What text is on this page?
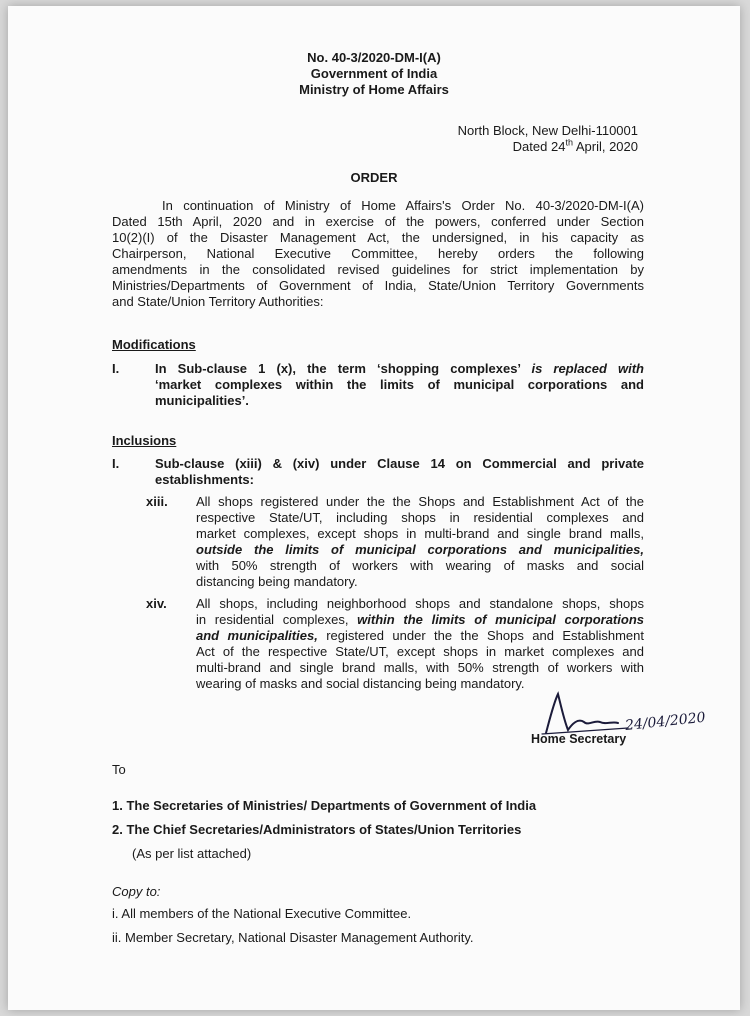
No. 40-3/2020-DM-I(A)
Government of India
Ministry of Home Affairs
North Block, New Delhi-110001
Dated 24th April, 2020
ORDER
In continuation of Ministry of Home Affairs's Order No. 40-3/2020-DM-I(A)
Dated 15th April, 2020 and in exercise of the powers, conferred under Section
10(2)(I) of the Disaster Management Act, the undersigned, in his capacity as
Chairperson, National Executive Committee, hereby orders the following
amendments in the consolidated revised guidelines for strict implementation by
Ministries/Departments of Government of India, State/Union Territory Governments
and State/Union Territory Authorities:
Modifications
I.	In Sub-clause 1 (x), the term ‘shopping complexes’ is replaced with
‘market complexes within the limits of municipal corporations and
municipalities’.
Inclusions
I.	Sub-clause (xiii) & (xiv) under Clause 14 on Commercial and private
establishments:
xiii. All shops registered under the the Shops and Establishment Act of the
respective State/UT, including shops in residential complexes and
market complexes, except shops in multi-brand and single brand malls,
outside the limits of municipal corporations and municipalities,
with 50% strength of workers with wearing of masks and social
distancing being mandatory.
xiv. All shops, including neighborhood shops and standalone shops, shops
in residential complexes, within the limits of municipal corporations
and municipalities, registered under the the Shops and Establishment
Act of the respective State/UT, except shops in market complexes and
multi-brand and single brand malls, with 50% strength of workers with
wearing of masks and social distancing being mandatory.
Home Secretary
24/04/2020
To
1. The Secretaries of Ministries/ Departments of Government of India
2. The Chief Secretaries/Administrators of States/Union Territories
(As per list attached)
Copy to:
i. All members of the National Executive Committee.
ii. Member Secretary, National Disaster Management Authority.
